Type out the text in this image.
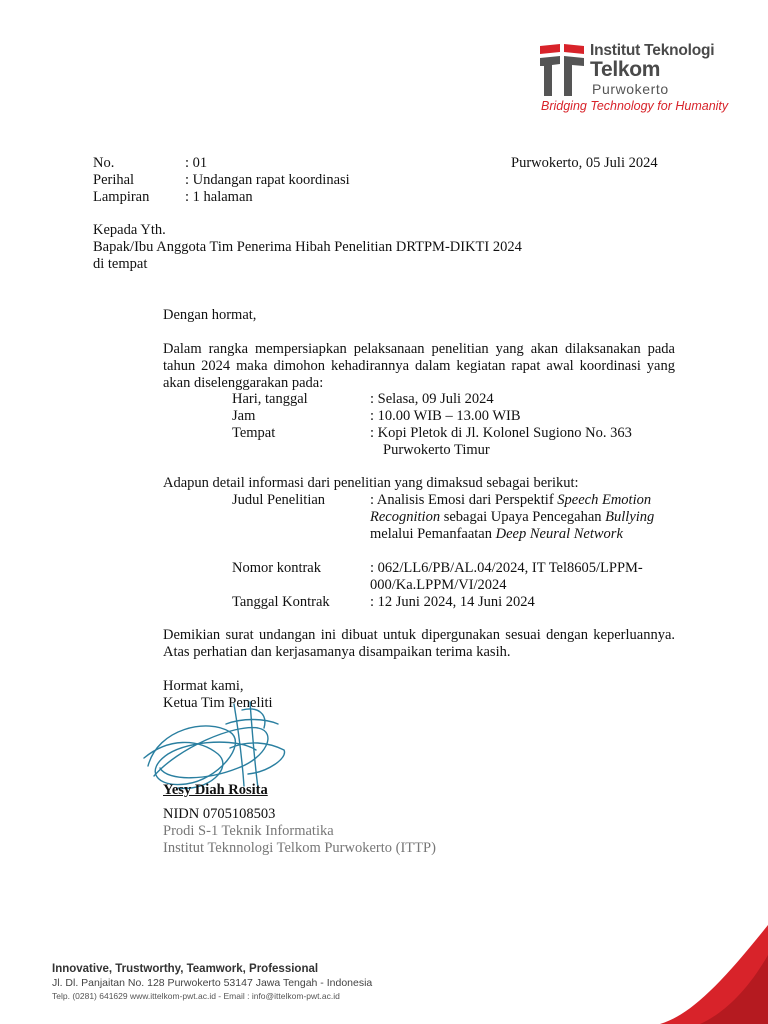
Institut Teknologi
Telkom
Purwokerto
Bridging Technology for Humanity
No.	: 01
Perihal	: Undangan rapat koordinasi
Lampiran : 1 halaman
Purwokerto, 05 Juli 2024
Kepada Yth.
Bapak/Ibu Anggota Tim Penerima Hibah Penelitian DRTPM-DIKTI 2024
di tempat
Dengan hormat,
Dalam rangka mempersiapkan pelaksanaan penelitian yang akan dilaksanakan pada tahun 2024 maka dimohon kehadirannya dalam kegiatan rapat awal koordinasi yang akan diselenggarakan pada:
Hari, tanggal	: Selasa, 09 Juli 2024
Jam	: 10.00 WIB – 13.00 WIB
Tempat	: Kopi Pletok di Jl. Kolonel Sugiono No. 363
Purwokerto Timur
Adapun detail informasi dari penelitian yang dimaksud sebagai berikut:
Judul Penelitian	: Analisis Emosi dari Perspektif Speech Emotion Recognition sebagai Upaya Pencegahan Bullying melalui Pemanfaatan Deep Neural Network
Nomor kontrak	: 062/LL6/PB/AL.04/2024, IT Tel8605/LPPM-000/Ka.LPPM/VI/2024
Tanggal Kontrak	: 12 Juni 2024, 14 Juni 2024
Demikian surat undangan ini dibuat untuk dipergunakan sesuai dengan keperluannya. Atas perhatian dan kerjasamanya disampaikan terima kasih.
Hormat kami,
Ketua Tim Peneliti
Yesy Diah Rosita
NIDN 0705108503
Prodi S-1 Teknik Informatika
Institut Teknnologi Telkom Purwokerto (ITTP)
Innovative, Trustworthy, Teamwork, Professional
Jl. Dl. Panjaitan No. 128 Purwokerto 53147 Jawa Tengah - Indonesia
Telp. (0281) 641629 www.ittelkom-pwt.ac.id - Email : info@ittelkom-pwt.ac.id
